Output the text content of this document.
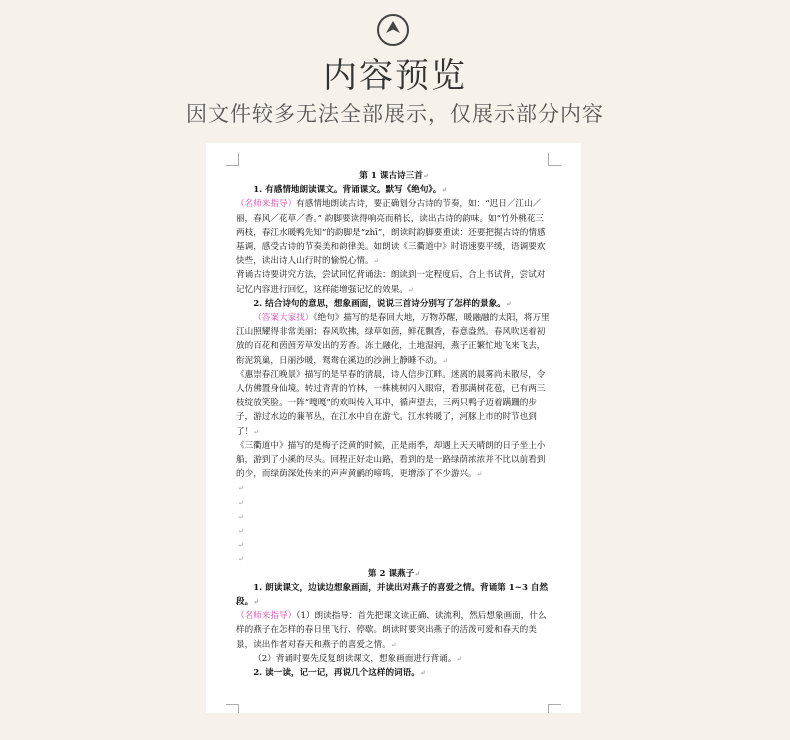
内容预览
因文件较多无法全部展示，仅展示部分内容

第 1 课古诗三首↵

1. 有感情地朗读课文。背诵课文。默写《绝句》。↵

（名师来指导）有感情地朗读古诗，要正确划分古诗的节奏，如：“迟日／江山／丽，春风／花草／香。” 韵脚要读得响亮而稍长，读出古诗的韵味。如“竹外桃花三两枝，春江水暖鸭先知”的韵脚是“zhī”，朗读时韵脚要重读：还要把握古诗的情感基调，感受古诗的节奏美和韵律美。如朗读《三衢道中》时语速要平缓，语调要欢快些，读出诗人山行时的愉悦心情。↵

背诵古诗要讲究方法，尝试回忆背诵法：朗读到一定程度后，合上书试背，尝试对记忆内容进行回忆，这样能增强记忆的效果。↵

2. 结合诗句的意思，想象画面，说说三首诗分别写了怎样的景象。↵

（答案大家找）《绝句》描写的是春回大地，万物苏醒，暖融融的太阳，将万里江山照耀得非常美丽；春风吹拂，绿草如茵，鲜花飘香，春意盎然。春风吹送着初放的百花和茵茵芳草发出的芳香。冻土融化，土地湿润，燕子正繁忙地飞来飞去，衔泥筑巢，日丽沙暖，鸳鸯在溪边的沙洲上静睡不动。↵

《惠崇春江晚景》描写的是早春的清晨，诗人信步江畔。迷离的晨雾尚未散尽，令人仿佛置身仙境。转过青青的竹林，一株桃树闪入眼帘，看那满树花苞，已有两三枝绽放笑脸。一阵“嘎嘎”的欢叫传入耳中，循声望去，三两只鸭子迈着蹒跚的步子，游过水边的蒹苇丛，在江水中自在游弋。江水转暖了，河豚上市的时节也到了！↵

《三衢道中》描写的是梅子泛黄的时候，正是雨季，却遇上天天晴朗的日子坐上小船，游到了小溪的尽头。回程正好走山路，看到的是一路绿荫浓浓并不比以前看到的少，而绿荫深处传来的声声黄鹂的啼鸣，更增添了不少游兴。↵

↵

↵

↵

↵

↵

↵

第 2 课燕子↵

1. 朗读课文，边读边想象画面，并读出对燕子的喜爱之情。背诵第 1~3 自然段。↵

（名师来指导）（1）朗读指导：首先把课文读正确、读流利，然后想象画面，什么样的燕子在怎样的春日里飞行、停歇。朗读时要突出燕子的活泼可爱和春天的美景，读出作者对春天和燕子的喜爱之情。↵

（2）背诵时要先反复朗读课文，想象画面进行背诵。↵

2. 读一读，记一记，再说几个这样的词语。↵
